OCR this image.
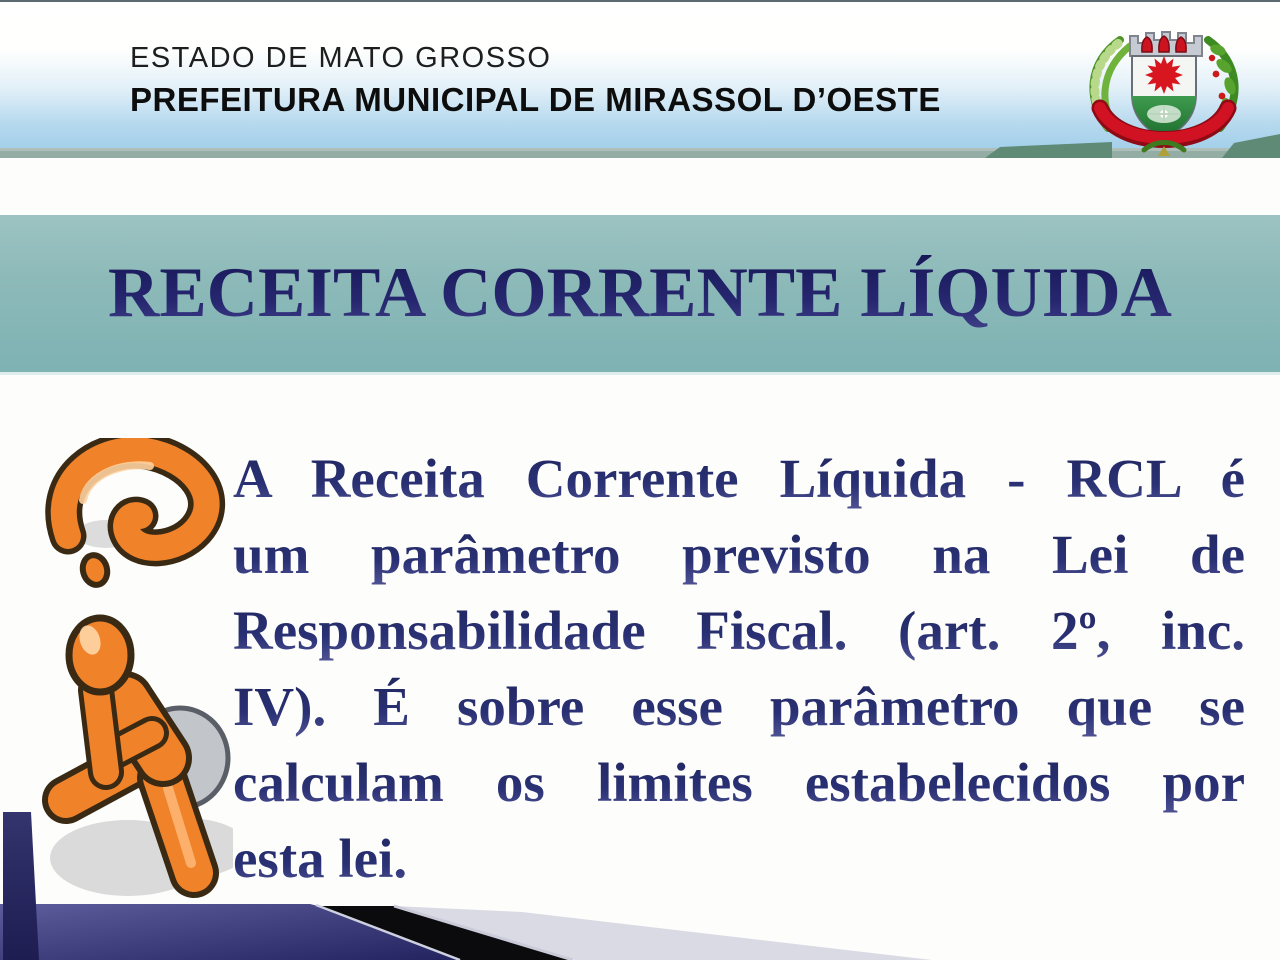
ESTADO DE MATO GROSSO
PREFEITURA MUNICIPAL DE MIRASSOL D’OESTE
RECEITA CORRENTE LÍQUIDA
A Receita Corrente Líquida - RCL é
um parâmetro previsto na Lei de
Responsabilidade Fiscal. (art. 2º, inc.
IV). É sobre esse parâmetro que se
calculam os limites estabelecidos por
esta lei.
